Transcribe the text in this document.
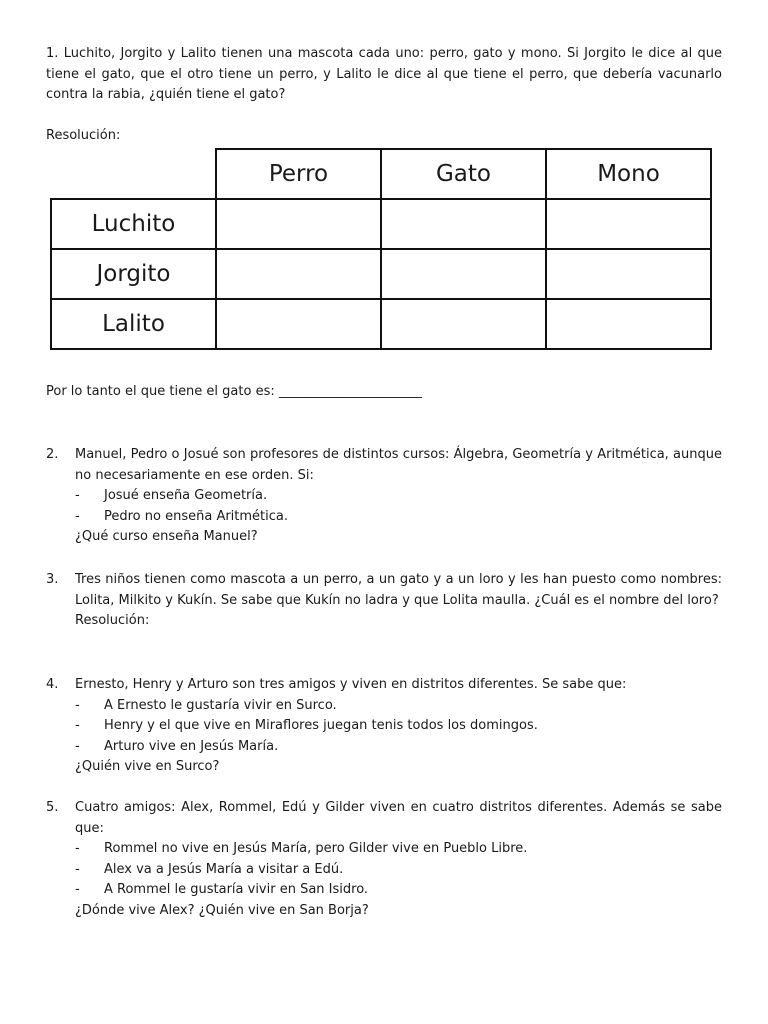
1. Luchito, Jorgito y Lalito tienen una mascota cada uno: perro, gato y mono. Si Jorgito le dice al que tiene el gato, que el otro tiene un perro, y Lalito le dice al que tiene el perro, que debería vacunarlo contra la rabia, ¿quién tiene el gato?

Resolución:
	Perro	Gato	Mono
Luchito			
Jorgito			
Lalito			
Por lo tanto el que tiene el gato es: ______________________
2. Manuel, Pedro o Josué son profesores de distintos cursos: Álgebra, Geometría y Aritmética, aunque no necesariamente en ese orden. Si:
- Josué enseña Geometría.
- Pedro no enseña Aritmética.
¿Qué curso enseña Manuel?
3. Tres niños tienen como mascota a un perro, a un gato y a un loro y les han puesto como nombres: Lolita, Milkito y Kukín. Se sabe que Kukín no ladra y que Lolita maulla. ¿Cuál es el nombre del loro?
Resolución:
4. Ernesto, Henry y Arturo son tres amigos y viven en distritos diferentes. Se sabe que:
- A Ernesto le gustaría vivir en Surco.
- Henry y el que vive en Miraflores juegan tenis todos los domingos.
- Arturo vive en Jesús María.
¿Quién vive en Surco?
5. Cuatro amigos: Alex, Rommel, Edú y Gilder viven en cuatro distritos diferentes. Además se sabe que:
- Rommel no vive en Jesús María, pero Gilder vive en Pueblo Libre.
- Alex va a Jesús María a visitar a Edú.
- A Rommel le gustaría vivir en San Isidro.
¿Dónde vive Alex? ¿Quién vive en San Borja?
